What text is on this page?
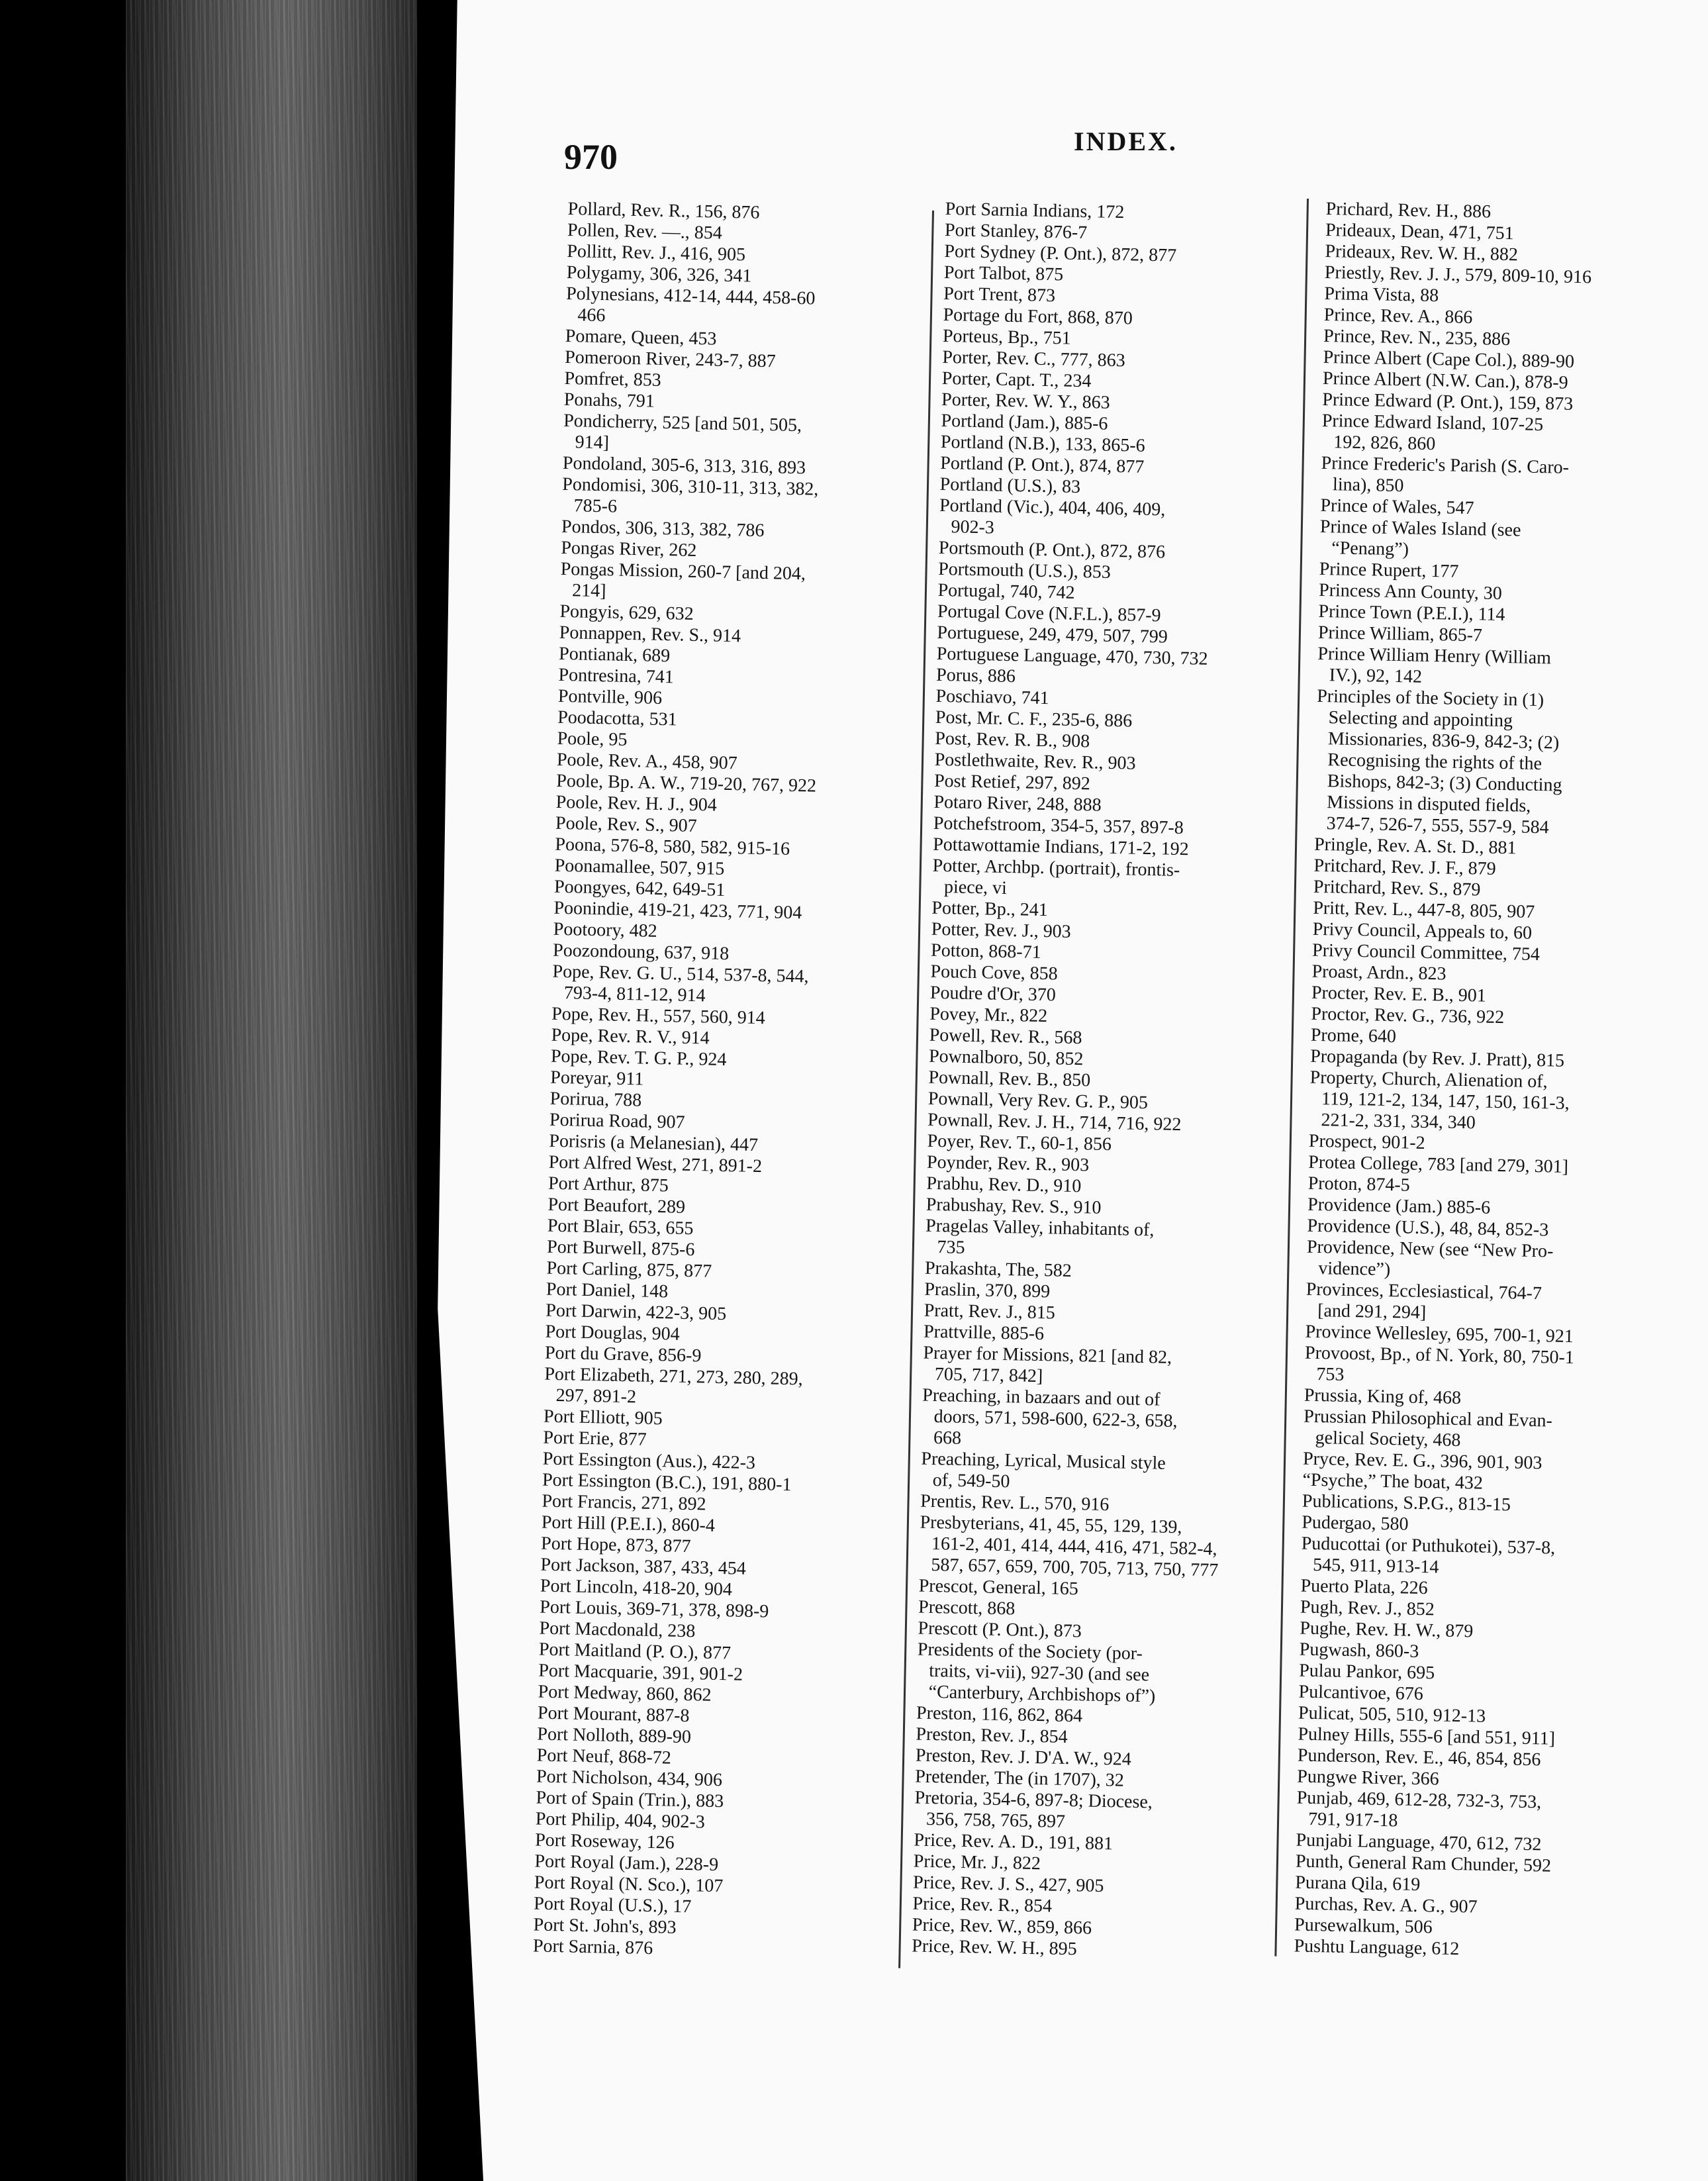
970	INDEX.
Pollard, Rev. R., 156, 876
Pollen, Rev. —., 854
Pollitt, Rev. J., 416, 905
Polygamy, 306, 326, 341
Polynesians, 412-14, 444, 458-60
466
Pomare, Queen, 453
Pomeroon River, 243-7, 887
Pomfret, 853
Ponahs, 791
Pondicherry, 525 [and 501, 505,
914]
Pondoland, 305-6, 313, 316, 893
Pondomisi, 306, 310-11, 313, 382,
785-6
Pondos, 306, 313, 382, 786
Pongas River, 262
Pongas Mission, 260-7 [and 204,
214]
Pongyis, 629, 632
Ponnappen, Rev. S., 914
Pontianak, 689
Pontresina, 741
Pontville, 906
Poodacotta, 531
Poole, 95
Poole, Rev. A., 458, 907
Poole, Bp. A. W., 719-20, 767, 922
Poole, Rev. H. J., 904
Poole, Rev. S., 907
Poona, 576-8, 580, 582, 915-16
Poonamallee, 507, 915
Poongyes, 642, 649-51
Poonindie, 419-21, 423, 771, 904
Pootoory, 482
Poozondoung, 637, 918
Pope, Rev. G. U., 514, 537-8, 544,
793-4, 811-12, 914
Pope, Rev. H., 557, 560, 914
Pope, Rev. R. V., 914
Pope, Rev. T. G. P., 924
Poreyar, 911
Porirua, 788
Porirua Road, 907
Porisris (a Melanesian), 447
Port Alfred West, 271, 891-2
Port Arthur, 875
Port Beaufort, 289
Port Blair, 653, 655
Port Burwell, 875-6
Port Carling, 875, 877
Port Daniel, 148
Port Darwin, 422-3, 905
Port Douglas, 904
Port du Grave, 856-9
Port Elizabeth, 271, 273, 280, 289,
297, 891-2
Port Elliott, 905
Port Erie, 877
Port Essington (Aus.), 422-3
Port Essington (B.C.), 191, 880-1
Port Francis, 271, 892
Port Hill (P.E.I.), 860-4
Port Hope, 873, 877
Port Jackson, 387, 433, 454
Port Lincoln, 418-20, 904
Port Louis, 369-71, 378, 898-9
Port Macdonald, 238
Port Maitland (P. O.), 877
Port Macquarie, 391, 901-2
Port Medway, 860, 862
Port Mourant, 887-8
Port Nolloth, 889-90
Port Neuf, 868-72
Port Nicholson, 434, 906
Port of Spain (Trin.), 883
Port Philip, 404, 902-3
Port Roseway, 126
Port Royal (Jam.), 228-9
Port Royal (N. Sco.), 107
Port Royal (U.S.), 17
Port St. John's, 893
Port Sarnia, 876
Port Sarnia Indians, 172
Port Stanley, 876-7
Port Sydney (P. Ont.), 872, 877
Port Talbot, 875
Port Trent, 873
Portage du Fort, 868, 870
Porteus, Bp., 751
Porter, Rev. C., 777, 863
Porter, Capt. T., 234
Porter, Rev. W. Y., 863
Portland (Jam.), 885-6
Portland (N.B.), 133, 865-6
Portland (P. Ont.), 874, 877
Portland (U.S.), 83
Portland (Vic.), 404, 406, 409,
902-3
Portsmouth (P. Ont.), 872, 876
Portsmouth (U.S.), 853
Portugal, 740, 742
Portugal Cove (N.F.L.), 857-9
Portuguese, 249, 479, 507, 799
Portuguese Language, 470, 730, 732
Porus, 886
Poschiavo, 741
Post, Mr. C. F., 235-6, 886
Post, Rev. R. B., 908
Postlethwaite, Rev. R., 903
Post Retief, 297, 892
Potaro River, 248, 888
Potchefstroom, 354-5, 357, 897-8
Pottawottamie Indians, 171-2, 192
Potter, Archbp. (portrait), frontis-
piece, vi
Potter, Bp., 241
Potter, Rev. J., 903
Potton, 868-71
Pouch Cove, 858
Poudre d'Or, 370
Povey, Mr., 822
Powell, Rev. R., 568
Pownalboro, 50, 852
Pownall, Rev. B., 850
Pownall, Very Rev. G. P., 905
Pownall, Rev. J. H., 714, 716, 922
Poyer, Rev. T., 60-1, 856
Poynder, Rev. R., 903
Prabhu, Rev. D., 910
Prabushay, Rev. S., 910
Pragelas Valley, inhabitants of,
735
Prakashta, The, 582
Praslin, 370, 899
Pratt, Rev. J., 815
Prattville, 885-6
Prayer for Missions, 821 [and 82,
705, 717, 842]
Preaching, in bazaars and out of
doors, 571, 598-600, 622-3, 658,
668
Preaching, Lyrical, Musical style
of, 549-50
Prentis, Rev. L., 570, 916
Presbyterians, 41, 45, 55, 129, 139,
161-2, 401, 414, 444, 416, 471, 582-4,
587, 657, 659, 700, 705, 713, 750, 777
Prescot, General, 165
Prescott, 868
Prescott (P. Ont.), 873
Presidents of the Society (por-
traits, vi-vii), 927-30 (and see
“Canterbury, Archbishops of”)
Preston, 116, 862, 864
Preston, Rev. J., 854
Preston, Rev. J. D'A. W., 924
Pretender, The (in 1707), 32
Pretoria, 354-6, 897-8; Diocese,
356, 758, 765, 897
Price, Rev. A. D., 191, 881
Price, Mr. J., 822
Price, Rev. J. S., 427, 905
Price, Rev. R., 854
Price, Rev. W., 859, 866
Price, Rev. W. H., 895
Prichard, Rev. H., 886
Prideaux, Dean, 471, 751
Prideaux, Rev. W. H., 882
Priestly, Rev. J. J., 579, 809-10, 916
Prima Vista, 88
Prince, Rev. A., 866
Prince, Rev. N., 235, 886
Prince Albert (Cape Col.), 889-90
Prince Albert (N.W. Can.), 878-9
Prince Edward (P. Ont.), 159, 873
Prince Edward Island, 107-25
192, 826, 860
Prince Frederic's Parish (S. Caro-
lina), 850
Prince of Wales, 547
Prince of Wales Island (see
“Penang”)
Prince Rupert, 177
Princess Ann County, 30
Prince Town (P.E.I.), 114
Prince William, 865-7
Prince William Henry (William
IV.), 92, 142
Principles of the Society in (1)
Selecting and appointing
Missionaries, 836-9, 842-3; (2)
Recognising the rights of the
Bishops, 842-3; (3) Conducting
Missions in disputed fields,
374-7, 526-7, 555, 557-9, 584
Pringle, Rev. A. St. D., 881
Pritchard, Rev. J. F., 879
Pritchard, Rev. S., 879
Pritt, Rev. L., 447-8, 805, 907
Privy Council, Appeals to, 60
Privy Council Committee, 754
Proast, Ardn., 823
Procter, Rev. E. B., 901
Proctor, Rev. G., 736, 922
Prome, 640
Propaganda (by Rev. J. Pratt), 815
Property, Church, Alienation of,
119, 121-2, 134, 147, 150, 161-3,
221-2, 331, 334, 340
Prospect, 901-2
Protea College, 783 [and 279, 301]
Proton, 874-5
Providence (Jam.) 885-6
Providence (U.S.), 48, 84, 852-3
Providence, New (see “New Pro-
vidence”)
Provinces, Ecclesiastical, 764-7
[and 291, 294]
Province Wellesley, 695, 700-1, 921
Provoost, Bp., of N. York, 80, 750-1
753
Prussia, King of, 468
Prussian Philosophical and Evan-
gelical Society, 468
Pryce, Rev. E. G., 396, 901, 903
“Psyche,” The boat, 432
Publications, S.P.G., 813-15
Pudergao, 580
Puducottai (or Puthukotei), 537-8,
545, 911, 913-14
Puerto Plata, 226
Pugh, Rev. J., 852
Pughe, Rev. H. W., 879
Pugwash, 860-3
Pulau Pankor, 695
Pulcantivoe, 676
Pulicat, 505, 510, 912-13
Pulney Hills, 555-6 [and 551, 911]
Punderson, Rev. E., 46, 854, 856
Pungwe River, 366
Punjab, 469, 612-28, 732-3, 753,
791, 917-18
Punjabi Language, 470, 612, 732
Punth, General Ram Chunder, 592
Purana Qila, 619
Purchas, Rev. A. G., 907
Pursewalkum, 506
Pushtu Language, 612
